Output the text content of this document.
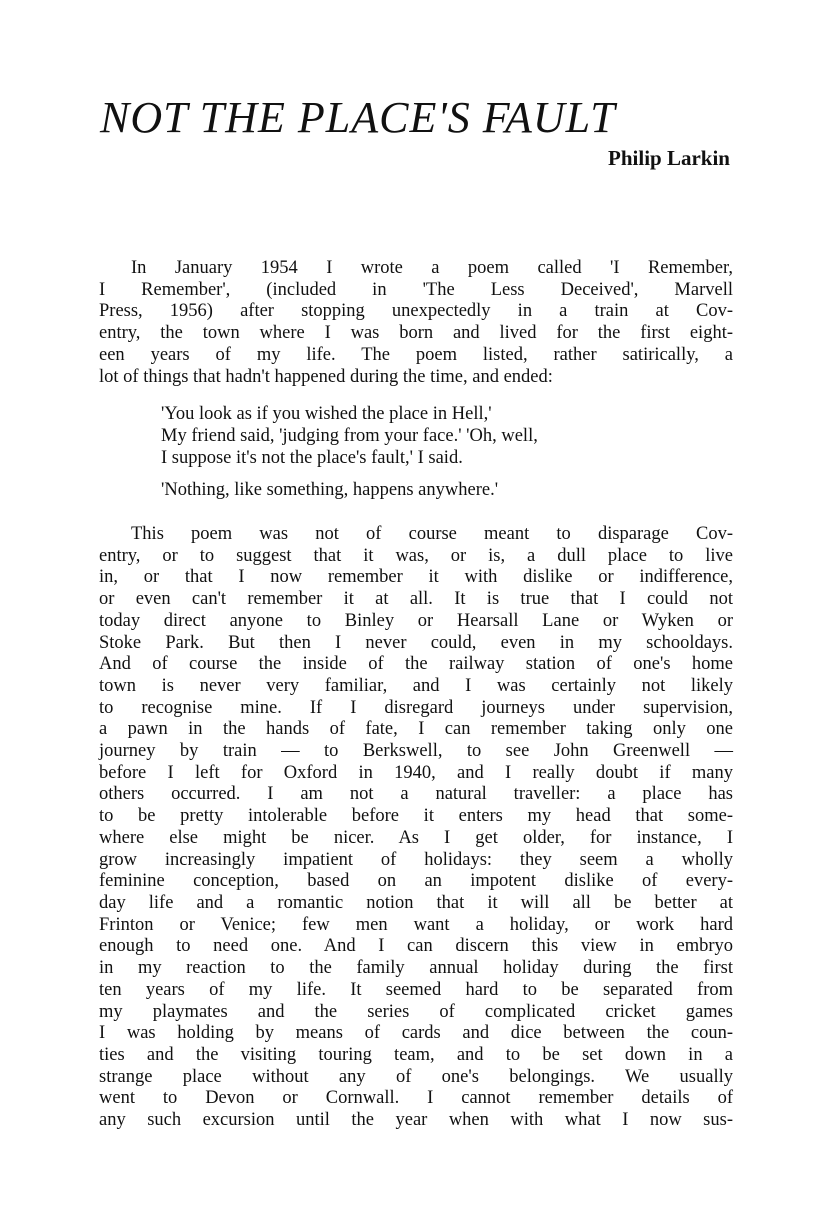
NOT THE PLACE'S FAULT
Philip Larkin
In January 1954 I wrote a poem called 'I Remember,
I Remember', (included in 'The Less Deceived', Marvell
Press, 1956) after stopping unexpectedly in a train at Cov-
entry, the town where I was born and lived for the first eight-
een years of my life. The poem listed, rather satirically, a
lot of things that hadn't happened during the time, and ended:
'You look as if you wished the place in Hell,'
My friend said, 'judging from your face.' 'Oh, well,
I suppose it's not the place's fault,' I said.
'Nothing, like something, happens anywhere.'
This poem was not of course meant to disparage Cov-
entry, or to suggest that it was, or is, a dull place to live
in, or that I now remember it with dislike or indifference,
or even can't remember it at all. It is true that I could not
today direct anyone to Binley or Hearsall Lane or Wyken or
Stoke Park. But then I never could, even in my schooldays.
And of course the inside of the railway station of one's home
town is never very familiar, and I was certainly not likely
to recognise mine. If I disregard journeys under supervision,
a pawn in the hands of fate, I can remember taking only one
journey by train — to Berkswell, to see John Greenwell —
before I left for Oxford in 1940, and I really doubt if many
others occurred. I am not a natural traveller: a place has
to be pretty intolerable before it enters my head that some-
where else might be nicer. As I get older, for instance, I
grow increasingly impatient of holidays: they seem a wholly
feminine conception, based on an impotent dislike of every-
day life and a romantic notion that it will all be better at
Frinton or Venice; few men want a holiday, or work hard
enough to need one. And I can discern this view in embryo
in my reaction to the family annual holiday during the first
ten years of my life. It seemed hard to be separated from
my playmates and the series of complicated cricket games
I was holding by means of cards and dice between the coun-
ties and the visiting touring team, and to be set down in a
strange place without any of one's belongings. We usually
went to Devon or Cornwall. I cannot remember details of
any such excursion until the year when with what I now sus-
